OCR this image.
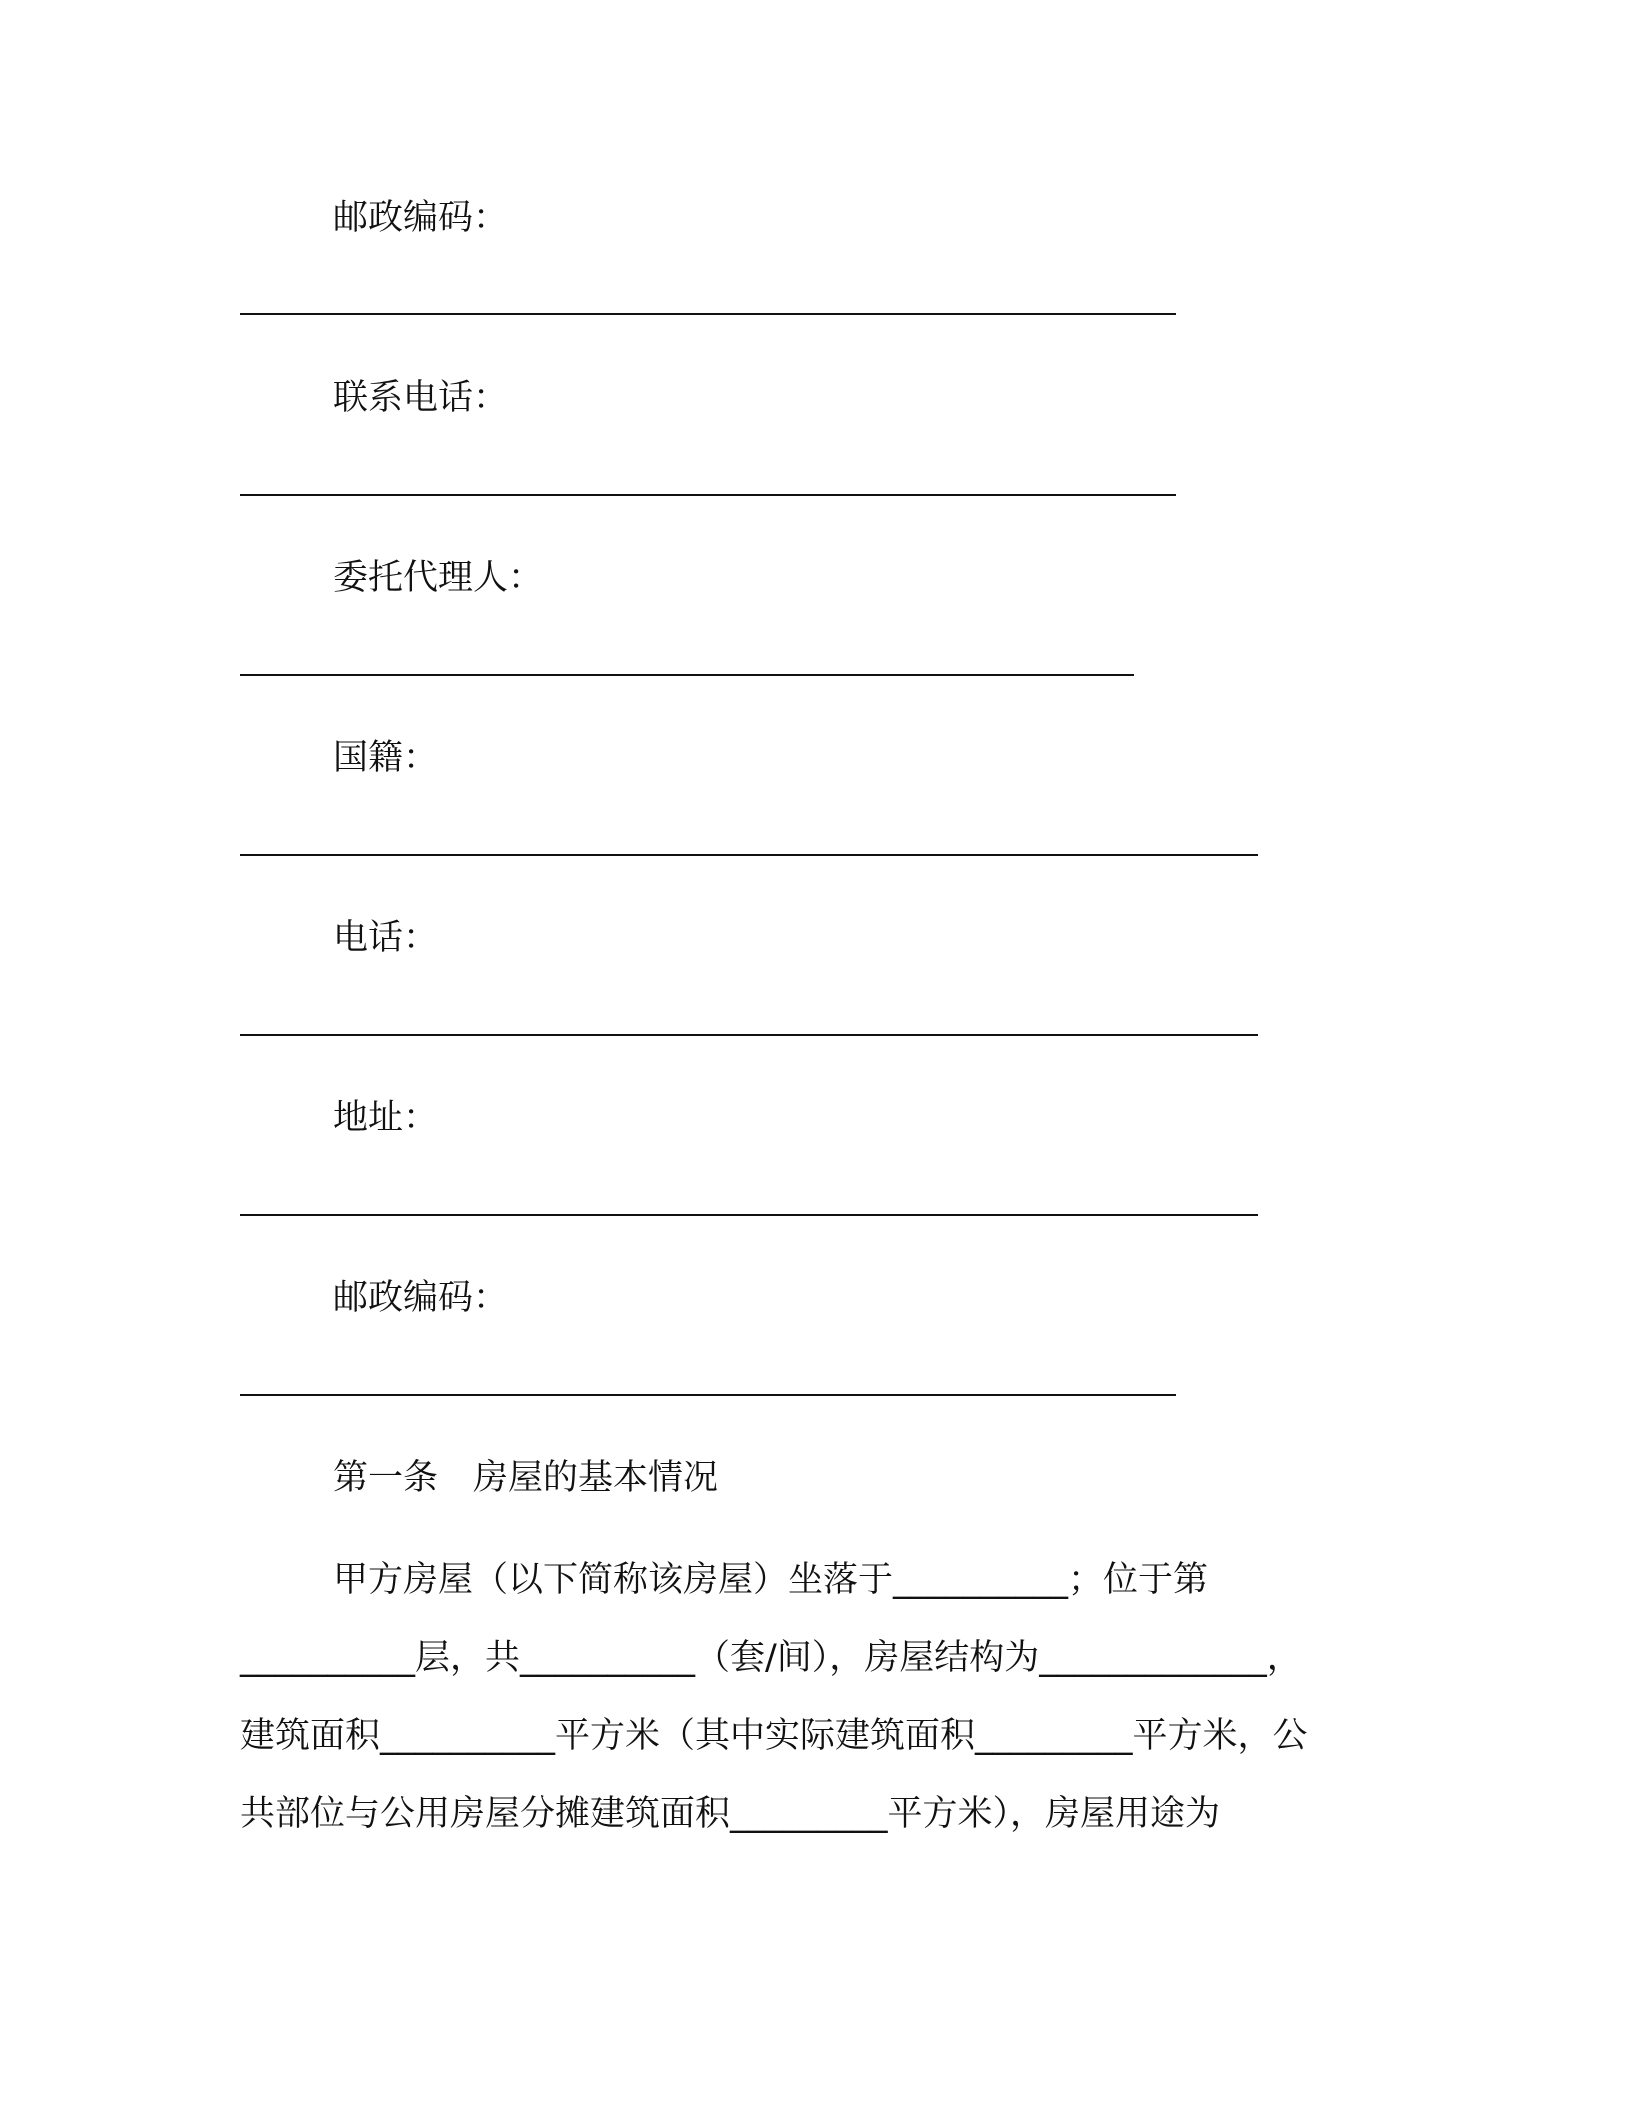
邮政编码：
联系电话：
委托代理人：
国籍：
电话：
地址：
邮政编码：
第一条　房屋的基本情况
甲方房屋（以下简称该房屋）坐落于__________；位于第
__________层，共__________（套/间），房屋结构为_____________，
建筑面积__________平方米（其中实际建筑面积_________平方米，公
共部位与公用房屋分摊建筑面积_________平方米），房屋用途为
